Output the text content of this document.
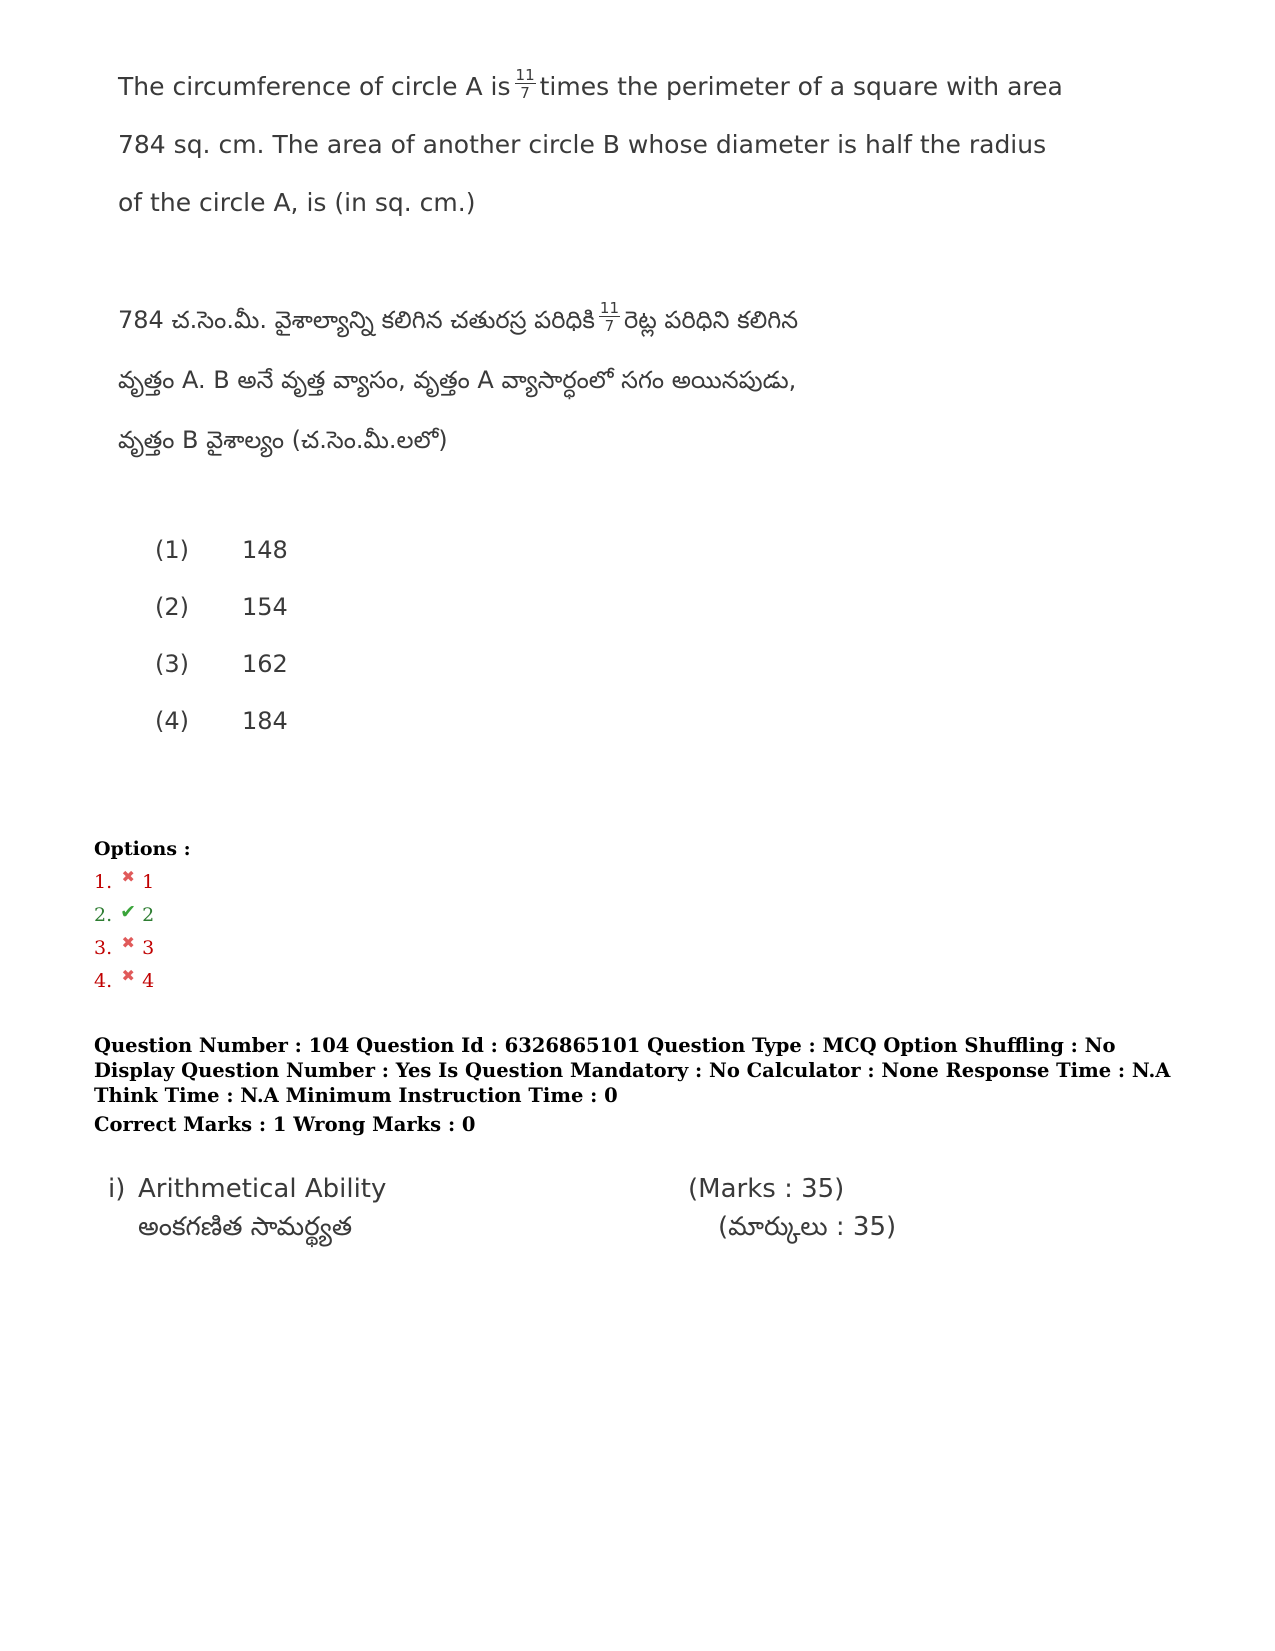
The circumference of circle A is $\frac{11}{7}$ times the perimeter of a square with area
784 sq. cm. The area of another circle B whose diameter is half the radius
of the circle A, is (in sq. cm.)
784 చ.సెం.మీ. వైశాల్యాన్ని కలిగిన చతురస్ర పరిధికి $\frac{11}{7}$ రెట్ల పరిధిని కలిగిన
వృత్తం A. B అనే వృత్త వ్యాసం, వృత్తం A వ్యాసార్ధంలో సగం అయినపుడు,
వృత్తం B వైశాల్యం (చ.సెం.మీ.లలో)
(1)	148
(2)	154
(3)	162
(4)	184
Options :
1. ✖ 1
2. ✔ 2
3. ✖ 3
4. ✖ 4
Question Number : 104 Question Id : 6326865101 Question Type : MCQ Option Shuffling : No Display Question Number : Yes Is Question Mandatory : No Calculator : None Response Time : N.A Think Time : N.A Minimum Instruction Time : 0
Correct Marks : 1 Wrong Marks : 0
i) Arithmetical Ability	(Marks : 35)
అంకగణిత సామర్థ్యత	(మార్కులు : 35)
